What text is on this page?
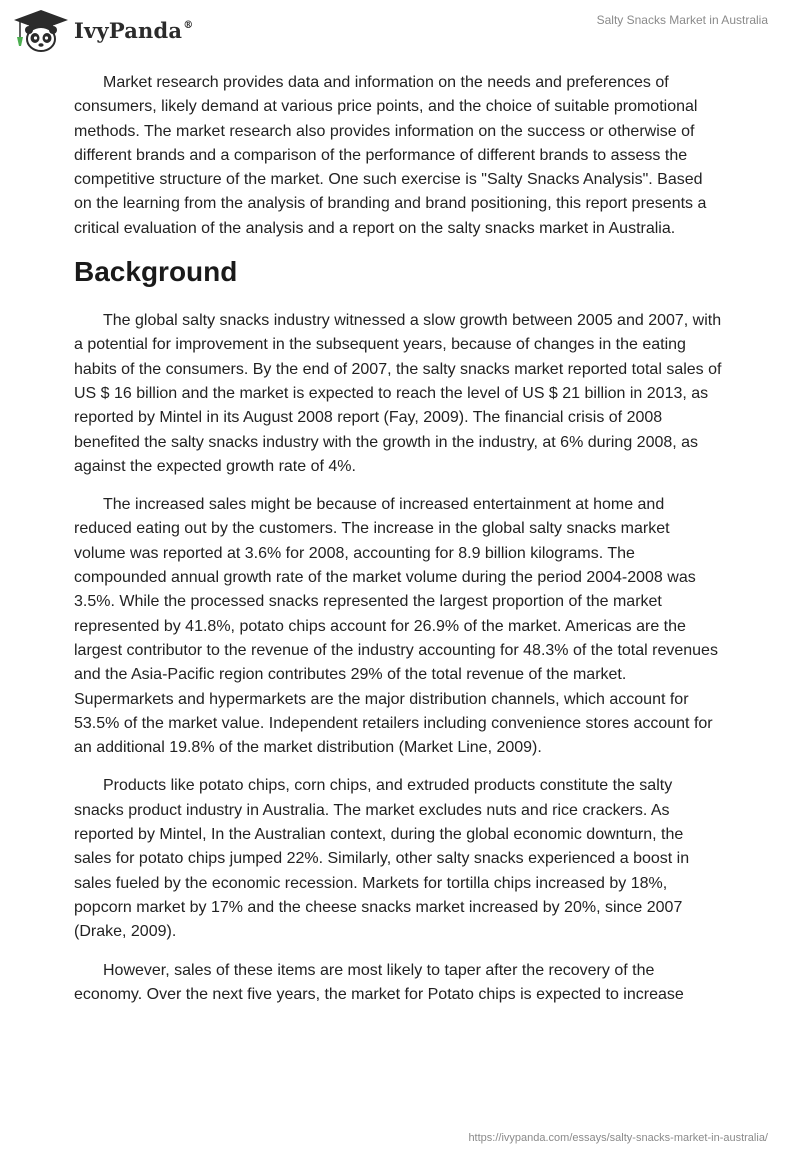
IvyPanda®	Salty Snacks Market in Australia

Market research provides data and information on the needs and preferences of consumers, likely demand at various price points, and the choice of suitable promotional methods. The market research also provides information on the success or otherwise of different brands and a comparison of the performance of different brands to assess the competitive structure of the market. One such exercise is "Salty Snacks Analysis". Based on the learning from the analysis of branding and brand positioning, this report presents a critical evaluation of the analysis and a report on the salty snacks market in Australia.

Background

The global salty snacks industry witnessed a slow growth between 2005 and 2007, with a potential for improvement in the subsequent years, because of changes in the eating habits of the consumers. By the end of 2007, the salty snacks market reported total sales of US $ 16 billion and the market is expected to reach the level of US $ 21 billion in 2013, as reported by Mintel in its August 2008 report (Fay, 2009). The financial crisis of 2008 benefited the salty snacks industry with the growth in the industry, at 6% during 2008, as against the expected growth rate of 4%.

The increased sales might be because of increased entertainment at home and reduced eating out by the customers. The increase in the global salty snacks market volume was reported at 3.6% for 2008, accounting for 8.9 billion kilograms. The compounded annual growth rate of the market volume during the period 2004-2008 was 3.5%. While the processed snacks represented the largest proportion of the market represented by 41.8%, potato chips account for 26.9% of the market. Americas are the largest contributor to the revenue of the industry accounting for 48.3% of the total revenues and the Asia-Pacific region contributes 29% of the total revenue of the market. Supermarkets and hypermarkets are the major distribution channels, which account for 53.5% of the market value. Independent retailers including convenience stores account for an additional 19.8% of the market distribution (Market Line, 2009).

Products like potato chips, corn chips, and extruded products constitute the salty snacks product industry in Australia. The market excludes nuts and rice crackers. As reported by Mintel, In the Australian context, during the global economic downturn, the sales for potato chips jumped 22%. Similarly, other salty snacks experienced a boost in sales fueled by the economic recession. Markets for tortilla chips increased by 18%, popcorn market by 17% and the cheese snacks market increased by 20%, since 2007 (Drake, 2009).

However, sales of these items are most likely to taper after the recovery of the economy. Over the next five years, the market for Potato chips is expected to increase

https://ivypanda.com/essays/salty-snacks-market-in-australia/
